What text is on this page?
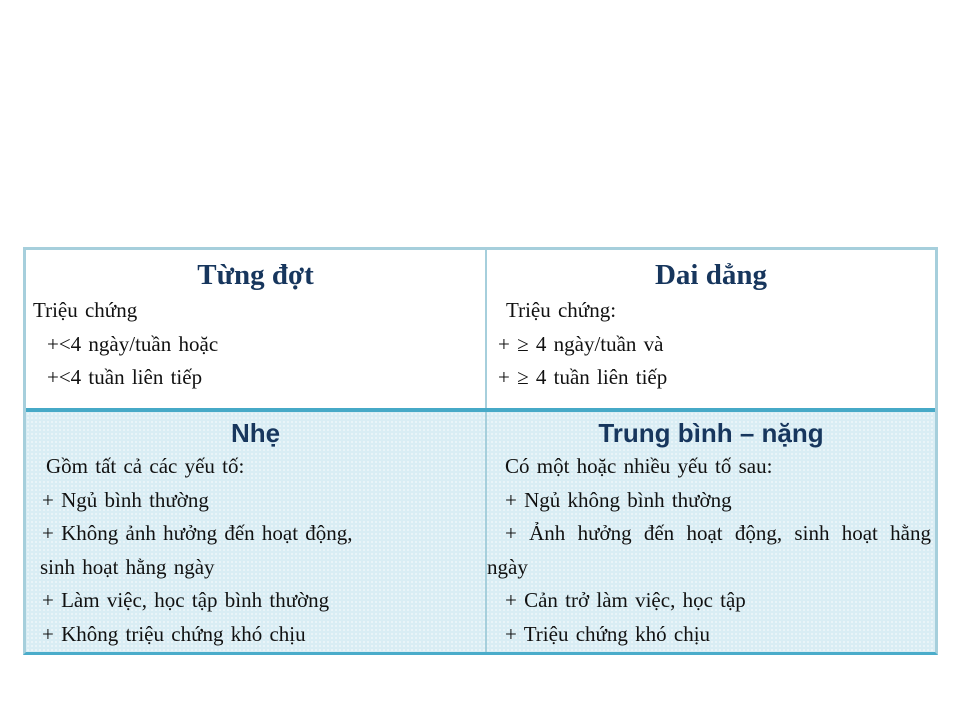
Từng đợt
Triệu chứng
+<4 ngày/tuần hoặc
+<4 tuần liên tiếp
Dai dẳng
Triệu chứng:
+ ≥ 4 ngày/tuần và
+ ≥ 4 tuần liên tiếp
Nhẹ
Gồm tất cả các yếu tố:
+ Ngủ bình thường
+ Không ảnh hưởng đến hoạt động,
sinh hoạt hằng ngày
+ Làm việc, học tập bình thường
+ Không triệu chứng khó chịu
Trung bình – nặng
Có một hoặc nhiều yếu tố sau:
+ Ngủ không bình thường
+ Ảnh hưởng đến hoạt động, sinh hoạt hằng
ngày
+ Cản trở làm việc, học tập
+ Triệu chứng khó chịu
